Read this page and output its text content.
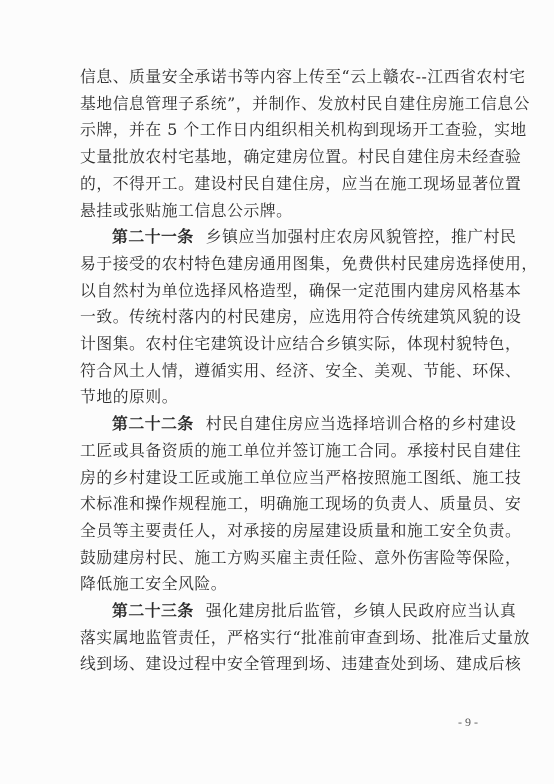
信息、质量安全承诺书等内容上传至“云上赣农--江西省农村宅
基地信息管理子系统”，并制作、发放村民自建住房施工信息公
示牌，并在 5 个工作日内组织相关机构到现场开工查验，实地
丈量批放农村宅基地，确定建房位置。村民自建住房未经查验
的，不得开工。建设村民自建住房，应当在施工现场显著位置
悬挂或张贴施工信息公示牌。

第二十一条 乡镇应当加强村庄农房风貌管控，推广村民
易于接受的农村特色建房通用图集，免费供村民建房选择使用，
以自然村为单位选择风格造型，确保一定范围内建房风格基本
一致。传统村落内的村民建房，应选用符合传统建筑风貌的设
计图集。农村住宅建筑设计应结合乡镇实际，体现村貌特色，
符合风土人情，遵循实用、经济、安全、美观、节能、环保、
节地的原则。

第二十二条 村民自建住房应当选择培训合格的乡村建设
工匠或具备资质的施工单位并签订施工合同。承接村民自建住
房的乡村建设工匠或施工单位应当严格按照施工图纸、施工技
术标准和操作规程施工，明确施工现场的负责人、质量员、安
全员等主要责任人，对承接的房屋建设质量和施工安全负责。
鼓励建房村民、施工方购买雇主责任险、意外伤害险等保险，
降低施工安全风险。

第二十三条 强化建房批后监管，乡镇人民政府应当认真
落实属地监管责任，严格实行“批准前审查到场、批准后丈量放
线到场、建设过程中安全管理到场、违建查处到场、建成后核

- 9 -
